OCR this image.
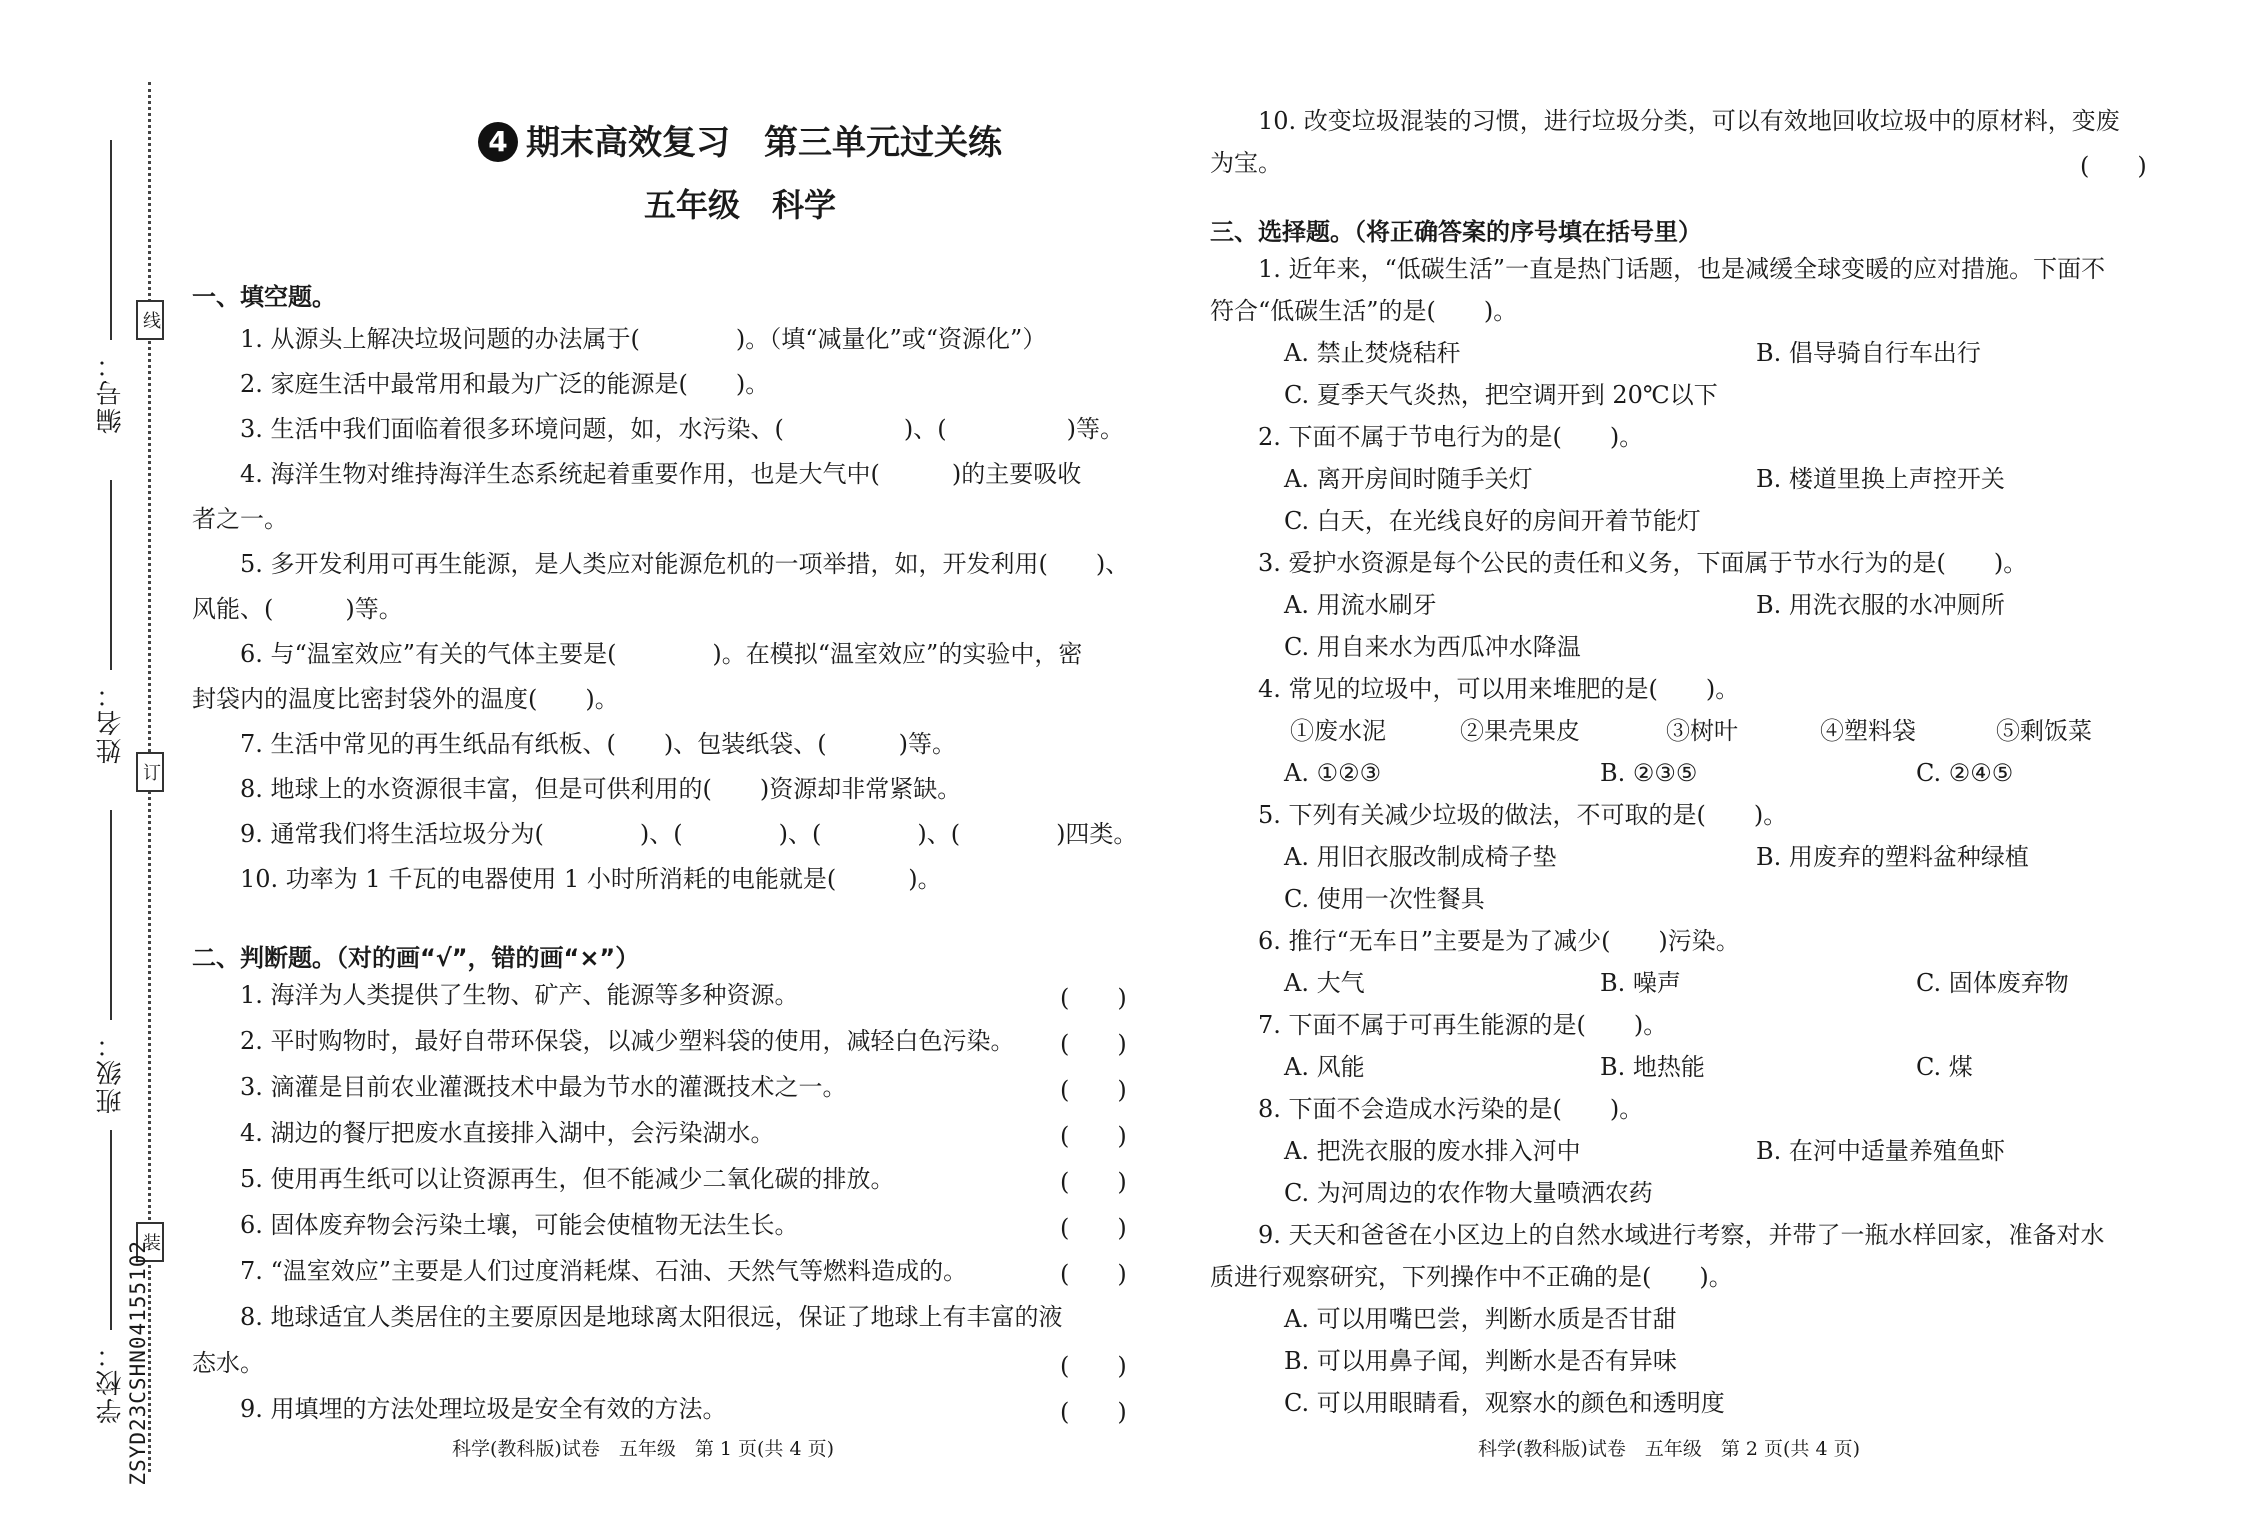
学校：
班级：
姓名：
编号：
线
订
装
ZSYD23CSHN04155102
4 期末高效复习　第三单元过关练
五年级　科学
一、填空题。
1. 从源头上解决垃圾问题的办法属于(　　　　)。（填“减量化”或“资源化”）
2. 家庭生活中最常用和最为广泛的能源是(　　)。
3. 生活中我们面临着很多环境问题，如，水污染、(　　　　　)、(　　　　　)等。
4. 海洋生物对维持海洋生态系统起着重要作用，也是大气中(　　　)的主要吸收
者之一。
5. 多开发利用可再生能源，是人类应对能源危机的一项举措，如，开发利用(　　)、
风能、(　　　)等。
6. 与“温室效应”有关的气体主要是(　　　　)。在模拟“温室效应”的实验中，密
封袋内的温度比密封袋外的温度(　　)。
7. 生活中常见的再生纸品有纸板、(　　)、包装纸袋、(　　　)等。
8. 地球上的水资源很丰富，但是可供利用的(　　)资源却非常紧缺。
9. 通常我们将生活垃圾分为(　　　　)、(　　　　)、(　　　　)、(　　　　)四类。
10. 功率为 1 千瓦的电器使用 1 小时所消耗的电能就是(　　　)。
二、判断题。（对的画“√”，错的画“×”）
1. 海洋为人类提供了生物、矿产、能源等多种资源。	(　　)
2. 平时购物时，最好自带环保袋，以减少塑料袋的使用，减轻白色污染。 (　　)
3. 滴灌是目前农业灌溉技术中最为节水的灌溉技术之一。	(　　)
4. 湖边的餐厅把废水直接排入湖中，会污染湖水。	(　　)
5. 使用再生纸可以让资源再生，但不能减少二氧化碳的排放。	(　　)
6. 固体废弃物会污染土壤，可能会使植物无法生长。	(　　)
7. “温室效应”主要是人们过度消耗煤、石油、天然气等燃料造成的。	(　　)
8. 地球适宜人类居住的主要原因是地球离太阳很远，保证了地球上有丰富的液
态水。	(　　)
9. 用填埋的方法处理垃圾是安全有效的方法。	(　　)
10. 改变垃圾混装的习惯，进行垃圾分类，可以有效地回收垃圾中的原材料，变废
为宝。	(　　)
三、选择题。（将正确答案的序号填在括号里）
1. 近年来，“低碳生活”一直是热门话题，也是减缓全球变暖的应对措施。下面不
符合“低碳生活”的是(　　)。
A. 禁止焚烧秸秆	B. 倡导骑自行车出行
C. 夏季天气炎热，把空调开到 20℃以下
2. 下面不属于节电行为的是(　　)。
A. 离开房间时随手关灯	B. 楼道里换上声控开关
C. 白天，在光线良好的房间开着节能灯
3. 爱护水资源是每个公民的责任和义务，下面属于节水行为的是(　　)。
A. 用流水刷牙	B. 用洗衣服的水冲厕所
C. 用自来水为西瓜冲水降温
4. 常见的垃圾中，可以用来堆肥的是(　　)。
①废水泥	②果壳果皮	③树叶	④塑料袋	⑤剩饭菜
A. ①②③	B. ②③⑤	C. ②④⑤
5. 下列有关减少垃圾的做法，不可取的是(　　)。
A. 用旧衣服改制成椅子垫	B. 用废弃的塑料盆种绿植
C. 使用一次性餐具
6. 推行“无车日”主要是为了减少(　　)污染。
A. 大气	B. 噪声	C. 固体废弃物
7. 下面不属于可再生能源的是(　　)。
A. 风能	B. 地热能	C. 煤
8. 下面不会造成水污染的是(　　)。
A. 把洗衣服的废水排入河中	B. 在河中适量养殖鱼虾
C. 为河周边的农作物大量喷洒农药
9. 天天和爸爸在小区边上的自然水域进行考察，并带了一瓶水样回家，准备对水
质进行观察研究，下列操作中不正确的是(　　)。
A. 可以用嘴巴尝，判断水质是否甘甜
B. 可以用鼻子闻，判断水是否有异味
C. 可以用眼睛看，观察水的颜色和透明度
科学(教科版)试卷　五年级　第 1 页(共 4 页)	科学(教科版)试卷　五年级　第 2 页(共 4 页)
